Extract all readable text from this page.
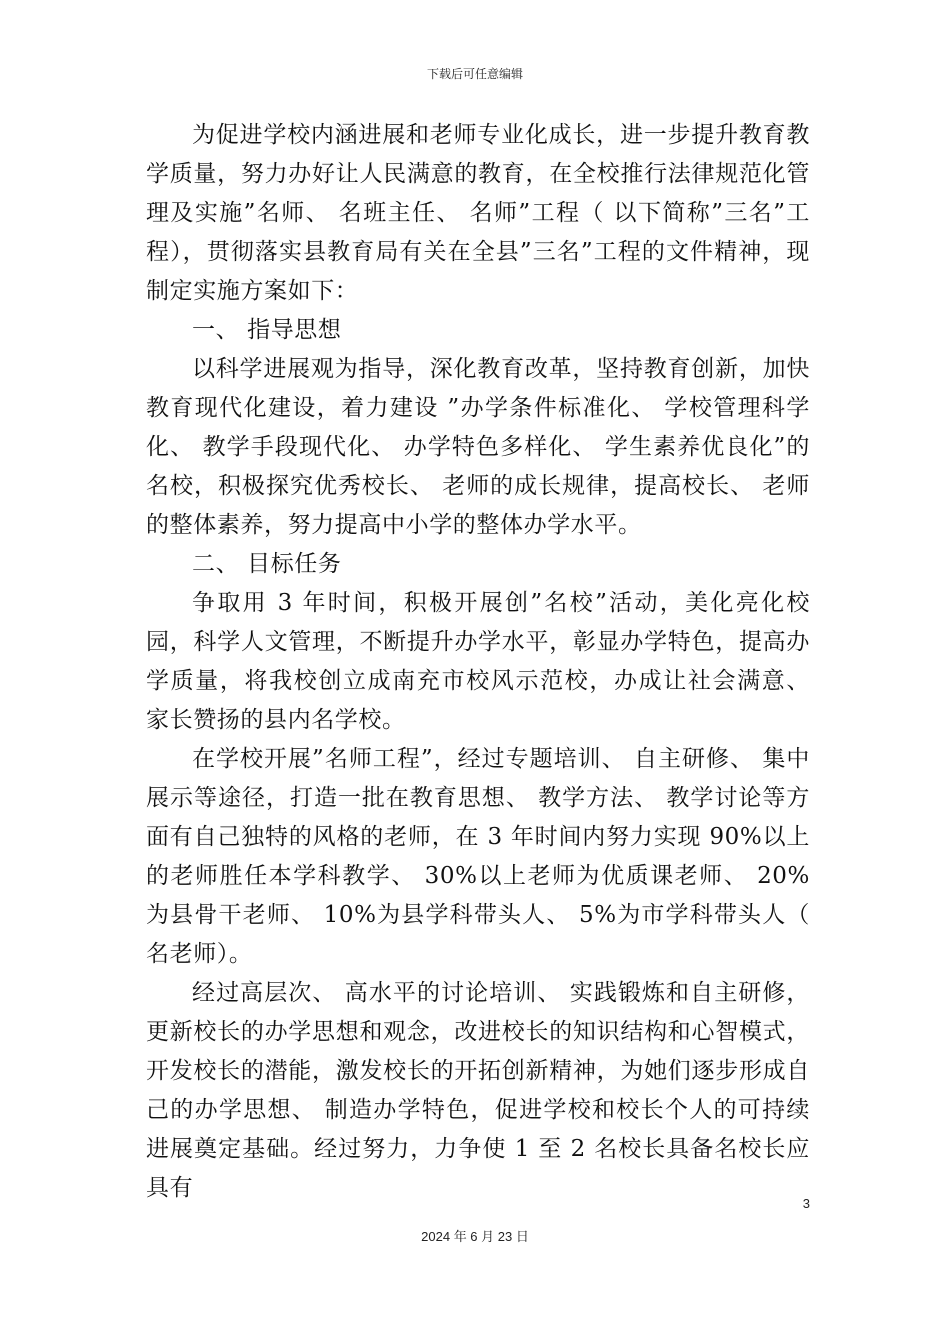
下载后可任意编辑

为促进学校内涵进展和老师专业化成长，进一步提升教育教学质量，努力办好让人民满意的教育，在全校推行法律规范化管理及实施”名师、 名班主任、 名师”工程（ 以下简称”三名”工程），贯彻落实县教育局有关在全县”三名”工程的文件精神，现制定实施方案如下：

一、 指导思想

以科学进展观为指导，深化教育改革，坚持教育创新，加快教育现代化建设，着力建设 ”办学条件标准化、 学校管理科学化、 教学手段现代化、 办学特色多样化、 学生素养优良化”的名校，积极探究优秀校长、 老师的成长规律，提高校长、 老师的整体素养，努力提高中小学的整体办学水平。

二、 目标任务

争取用 3 年时间，积极开展创”名校”活动，美化亮化校园，科学人文管理，不断提升办学水平，彰显办学特色，提高办学质量，将我校创立成南充市校风示范校，办成让社会满意、 家长赞扬的县内名学校。

在学校开展”名师工程”，经过专题培训、 自主研修、 集中展示等途径，打造一批在教育思想、 教学方法、 教学讨论等方面有自己独特的风格的老师，在 3 年时间内努力实现 90%以上的老师胜任本学科教学、 30%以上老师为优质课老师、 20%为县骨干老师、 10%为县学科带头人、 5%为市学科带头人（ 名老师）。

经过高层次、 高水平的讨论培训、 实践锻炼和自主研修，更新校长的办学思想和观念，改进校长的知识结构和心智模式，开发校长的潜能，激发校长的开拓创新精神，为她们逐步形成自己的办学思想、 制造办学特色，促进学校和校长个人的可持续进展奠定基础。经过努力，力争使 1 至 2 名校长具备名校长应具有

3
2024 年 6 月 23 日
